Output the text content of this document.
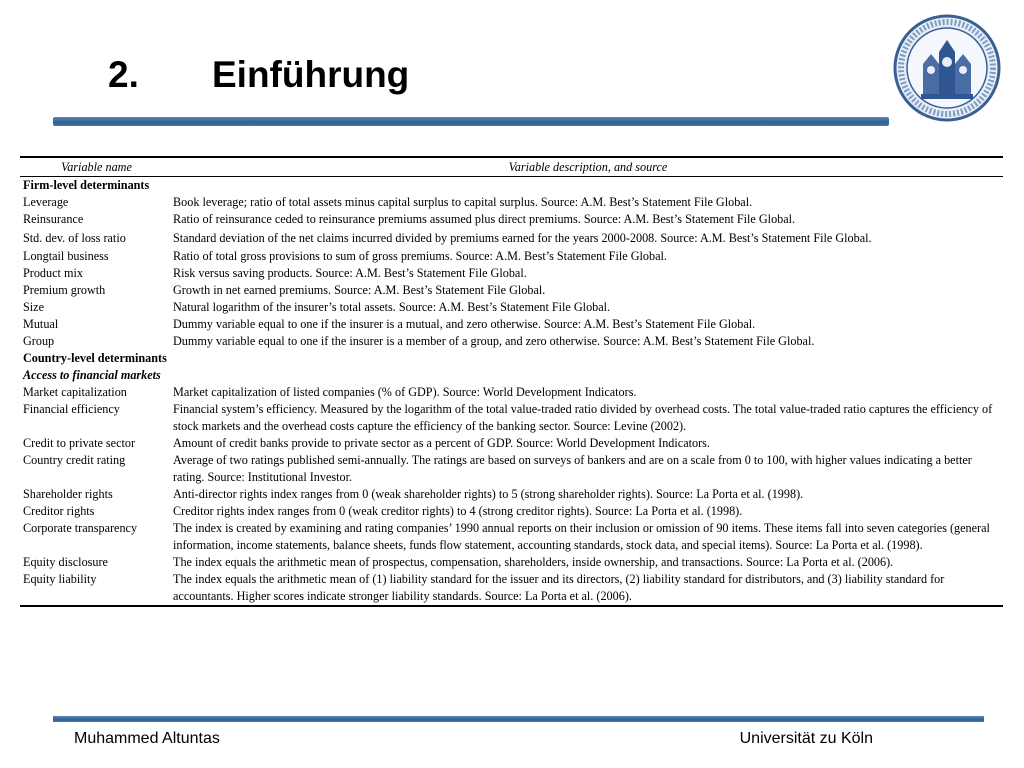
2.	Einführung
Variable name	Variable description, and source
Firm-level determinants
Leverage	Book leverage; ratio of total assets minus capital surplus to capital surplus. Source: A.M. Best’s Statement File Global.
Reinsurance	Ratio of reinsurance ceded to reinsurance premiums assumed plus direct premiums. Source: A.M. Best’s Statement File Global.
Std. dev. of loss ratio	Standard deviation of the net claims incurred divided by premiums earned for the years 2000-2008. Source: A.M. Best’s Statement File Global.
Longtail business	Ratio of total gross provisions to sum of gross premiums. Source: A.M. Best’s Statement File Global.
Product mix	Risk versus saving products. Source: A.M. Best’s Statement File Global.
Premium growth	Growth in net earned premiums. Source: A.M. Best’s Statement File Global.
Size	Natural logarithm of the insurer’s total assets. Source: A.M. Best’s Statement File Global.
Mutual	Dummy variable equal to one if the insurer is a mutual, and zero otherwise. Source: A.M. Best’s Statement File Global.
Group	Dummy variable equal to one if the insurer is a member of a group, and zero otherwise. Source: A.M. Best’s Statement File Global.
Country-level determinants
Access to financial markets
Market capitalization	Market capitalization of listed companies (% of GDP). Source: World Development Indicators.
Financial efficiency	Financial system’s efficiency. Measured by the logarithm of the total value-traded ratio divided by overhead costs. The total value-traded ratio captures the efficiency of stock markets and the overhead costs capture the efficiency of the banking sector. Source: Levine (2002).
Credit to private sector	Amount of credit banks provide to private sector as a percent of GDP. Source: World Development Indicators.
Country credit rating	Average of two ratings published semi-annually. The ratings are based on surveys of bankers and are on a scale from 0 to 100, with higher values indicating a better rating. Source: Institutional Investor.
Shareholder rights	Anti-director rights index ranges from 0 (weak shareholder rights) to 5 (strong shareholder rights). Source: La Porta et al. (1998).
Creditor rights	Creditor rights index ranges from 0 (weak creditor rights) to 4 (strong creditor rights). Source: La Porta et al. (1998).
Corporate transparency	The index is created by examining and rating companies’ 1990 annual reports on their inclusion or omission of 90 items. These items fall into seven categories (general information, income statements, balance sheets, funds flow statement, accounting standards, stock data, and special items). Source: La Porta et al. (1998).
Equity disclosure	The index equals the arithmetic mean of prospectus, compensation, shareholders, inside ownership, and transactions. Source: La Porta et al. (2006).
Equity liability	The index equals the arithmetic mean of (1) liability standard for the issuer and its directors, (2) liability standard for distributors, and (3) liability standard for accountants. Higher scores indicate stronger liability standards. Source: La Porta et al. (2006).
Muhammed Altuntas	Universität zu Köln
